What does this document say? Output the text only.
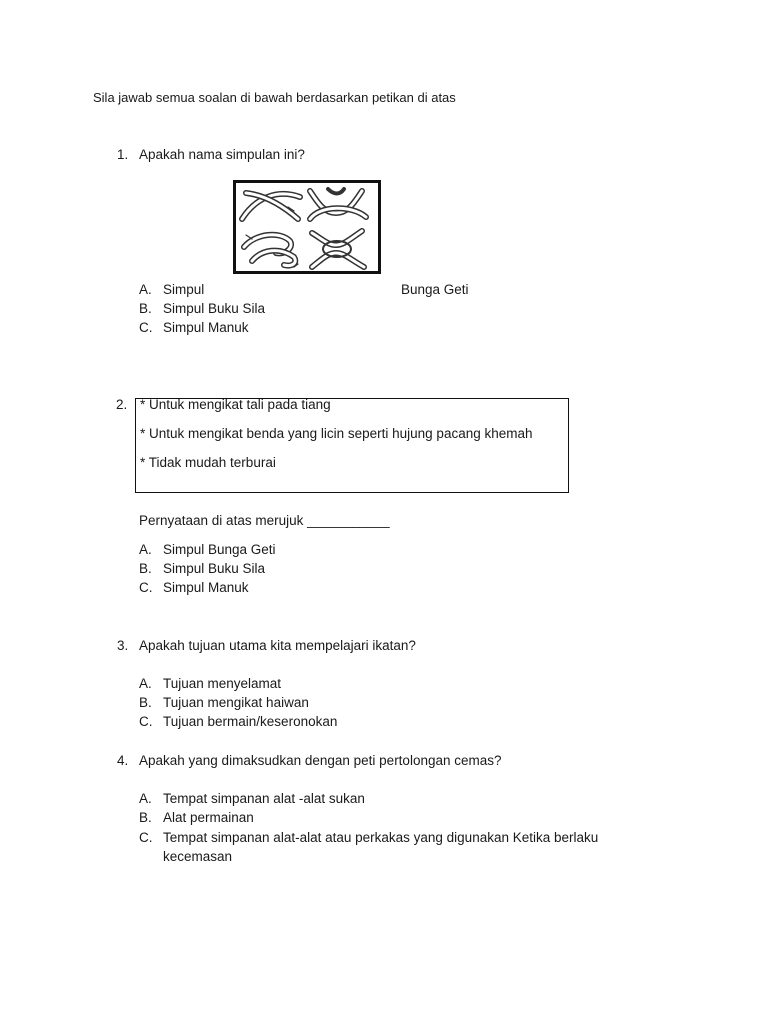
Sila jawab semua soalan di bawah berdasarkan petikan di atas
1. Apakah nama simpulan ini?
A. Simpul	Bunga Geti
B. Simpul Buku Sila
C. Simpul Manuk
2. * Untuk mengikat tali pada tiang
* Untuk mengikat benda yang licin seperti hujung pacang khemah
* Tidak mudah terburai
Pernyataan di atas merujuk ___________
A. Simpul Bunga Geti
B. Simpul Buku Sila
C. Simpul Manuk
3. Apakah tujuan utama kita mempelajari ikatan?
A. Tujuan menyelamat
B. Tujuan mengikat haiwan
C. Tujuan bermain/keseronokan
4. Apakah yang dimaksudkan dengan peti pertolongan cemas?
A. Tempat simpanan alat -alat sukan
B. Alat permainan
C. Tempat simpanan alat-alat atau perkakas yang digunakan Ketika berlaku
kecemasan
